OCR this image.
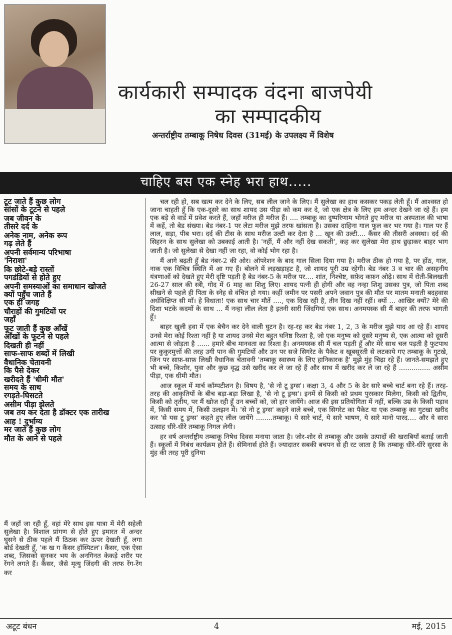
कार्यकारी सम्पादक वंदना बाजपेयी
का सम्पादकीय
अन्तर्राष्ट्रीय तम्बाकू निषेध दिवस (31मई) के उपलक्ष्य में विशेष
चाहिए बस एक स्नेह भरा हाथ.....
टूट जाते हैं कुछ लोग
सांसों के टूटने से पहले
जब जीवन के
तीसरे दर्द के
अनेक नाम, अनेक रूप
गढ़ लेते हैं
अपनी सर्वमान्य परिभाषा
'निराशा'
कि छोटे-बड़े रास्तों
पगडंडियों से होते हुए
अपनी समस्याओं का समाधान खोजते
क्यों पहुँच जाते हैं
एक ही जगह
चौराहों की गुमटियों पर
जहाँ
फूट जाती हैं कुछ आँखें
आँखों के फूटने से पहले
दिखती ही नहीं
साफ-साफ शब्दों में लिखी
वैधानिक चेतावनी
कि पैसे देकर
खरीदते हैं 'धीमी मौत'
समय के साथ
रगड़ते-घिसटते
असीम पीड़ा झेलते
जब तय कर देता है डॉक्टर एक तारीख
आह ! दुर्भाग्य
मर जाते हैं कुछ लोग
मौत के आने से पहले
मैं जहाँ जा रही हूँ, वहां मेरे साथ इस यात्रा में मेरी सहेली सुलेखा है। विशाल प्रांगण से होते हुए इमारत में अन्दर घुसने से ठीक पहले मैं ठिठक कर ऊपर देखती हूँ, लगा बोर्ड देखती हूँ, 'क ख ग कैंसर हॉस्पिटल'। कैंसर, एक ऐसा शब्द, जिसको सुनकर भय के अनगिनत केकड़े शरीर पर रेंगने लगते हैं। कैंसर, जैसे मृत्यु जिंदगी की तरफ रेंग-रेंग कर

चल रही हो, सब खत्म कर देने के लिए, सब लील जाने के लिए। मैं सुलेखा का हाथ कसकर पकड़ लेती हूँ। मैं आश्वस्त हो जाना चाहती हूँ कि एक-दूसरे का साथ शायद उस पीड़ा को कम कर दे, जो एक क्षेत्र के लिए हम अन्दर देखने जा रहे हैं। हम एक बड़े से वार्ड में प्रवेश करते हैं, जहाँ मरीज ही मरीज हैं। .... तम्बाकू का दुष्परिणाम भोगते हुए मरीज या अस्पताल की भाषा में कहें, तो बेड संख्या। बेड नंबर-1 पर लेटा मरीज मुझे तरफ खांसता है। उसका दाहिना गाल फूल कर भर गया है। गाल पर हैं लाल, सड़ा, पीब भरा। दर्द की टीस के साथ मरीज उल्टी कर देता है ... खून की उल्टी.... कैंसर की तीसरी अवस्था। दर्द की सिहरन के साथ सुलेखा को उबकाई आती है। 'नहीं, मैं और नहीं देख सकती', कह कर सुलेखा मेरा हाथ छुड़ाकर बाहर भाग जाती है। जो सुलेखा से देखा नहीं जा रहा, वो कोई भोग रहा है।

मैं आगे बढ़ती हूँ बेड नंबर-2 की ओर। ऑपरेशन के बाद गाल सिला दिया गया है। मरीज ठीक हो गया है, पर होंठ, गाल, नाक एक विचित्र स्थिति में आ गए हैं। बोलने में लड़खड़ाहट है, जो शायद पूरी उम्र रहेगी। बेड नंबर 3 व चार की असहनीय यंत्रणाओं को देखते हुए मेरी दृष्टि पड़ती है बेड नंबर-5 के मरीज पर.... शांत, निश्चेष्ट, सफ़ेद कफ़न ओढ़े। साथ में रोती-बिलखती 26-27 साल की स्त्री, गोद में 6 माह का शिशु लिए। शायद पत्नी ही होगी और वह नन्हा शिशु उसका पुत्र, जो पिता शब्द सीखने से पहले ही पिता के स्नेह से वंचित हो गया। कहीं जमीन पर पसरी अपने जवान पुत्र की मौत पर मातम मनाती बदहवास अर्धविक्षिप्त सी माँ। हे विधाता! एक साथ चार मौतें ...., एक दिख रही है, तीन दिख नहीं रहीं। क्यों ... आखिर क्यों? मेरे की दिशा भटके कदमों के साथ ... मैं नन्हा लील लेता है इतनी सारी जिंदगियां एक साथ। अनमयस्क सी मैं बाहर की तरफ भागती हूँ।

बाहर खुली हवा में एक बेचैन कर देने वाली घुटन है। रह-रह कर बेड नंबर 1, 2, 3 के मरीज मुझे याद आ रहे हैं। शायद उनसे मेरा कोई रिश्ता नहीं है या शायद उनसे मेरा बहुत घनिष्ठ रिश्ता है, जो एक मनुष्य को दूसरे मनुष्य से, एक आत्मा को दूसरी आत्मा से जोड़ता है ...... हमारे बीच मानवता का रिश्ता है। अनमयस्क सी मैं चल पड़ती हूँ और मेरे साथ चल पड़ती है फुटपाथ पर कुकुरमुत्तों की तरह उगी पान की गुमटियों और उन पर सजे सिगरेट के पैकेट व खूबसूरती से लटकाये गए तम्बाकू के गुटखे, जिन पर साफ़-साफ़ लिखी वैधानिक चेतावनी 'तम्बाकू स्वास्थ्य के लिए हानिकारक है' मुझे मुंह चिढ़ा रहे हैं। जानते-समझते हुए भी बच्चे, किशोर, युवा और कुछ वृद्ध उसे खरीद कर ले जा रहे हैं और साथ में खरीद कर ले जा रहे हैं ............... असीम पीड़ा, एक धीमी मौत।

आज स्कूल में मार्च कॉम्पटीशन है। विषय है, 'से नो टू ड्रग्स'। कक्षा 3, 4 और 5 के ढेर सारे बच्चे चार्ट बना रहे हैं। तरह-तरह की आकृतियों के बीच बड़ा-बड़ा लिखा है, 'से नो टू ड्रग्स'। इनमें से किसी को प्रथम पुरस्कार मिलेगा, किसी को द्वितीय, किसी को तृतीय, पर मैं खोज रही हूँ उन बच्चों को, जो हार जायेंगे। आज की इस प्रतियोगिता में नहीं, बल्कि उम्र के किसी पड़ाव में, किसी समय में, किसी उलझन में। 'से नो टू ड्रग्स' कहने वाले बच्चे, एक सिगरेट का पैकेट या एक तम्बाकू का गुटखा खरीद कर 'से यस टू ड्रग्स' कहते हुए लील जायेंगे ........तम्बाकू। ये सारे चार्ट, ये सारे भाषण, ये सारे मानो पारद.... और ये सारा उत्साह धीरे-धीरे तम्बाकू निगल लेगी।

हर वर्ष अन्तर्राष्ट्रीय तम्बाकू निषेध दिवस मनाया जाता है। जोर-शोर से तम्बाकू और उसके उत्पादों की खराबियाँ बताई जाती हैं। स्कूलों में निबंध कार्यक्रम होते हैं। सेमिनार्स होते हैं। ज्यादातर सबकी बचपन से ही रट जाता है कि तम्बाकू धीरे-धीरे सुरसा के मुंह की तरह पूरी दुनिया

अटूट बंधन	4	मई, 2015
